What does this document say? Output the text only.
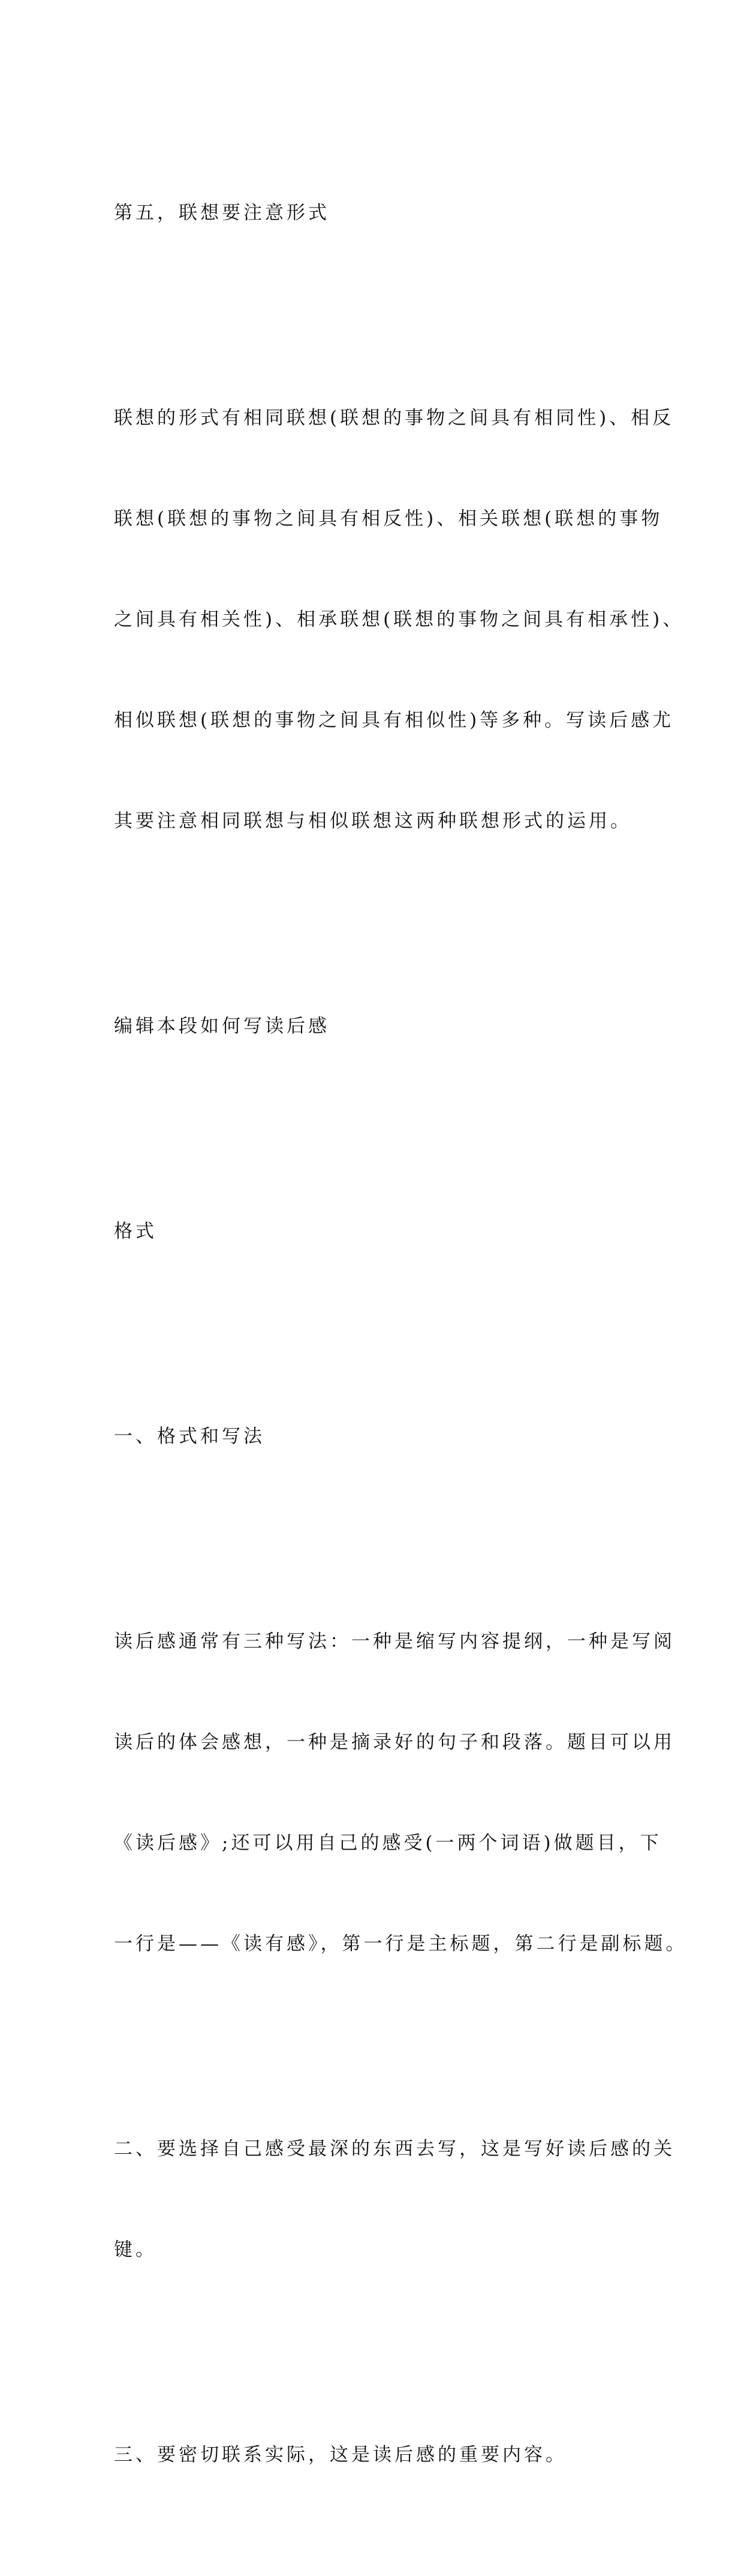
第五，联想要注意形式

联想的形式有相同联想(联想的事物之间具有相同性)、相反

联想(联想的事物之间具有相反性)、相关联想(联想的事物

之间具有相关性)、相承联想(联想的事物之间具有相承性)、

相似联想(联想的事物之间具有相似性)等多种。写读后感尤

其要注意相同联想与相似联想这两种联想形式的运用。

编辑本段如何写读后感

格式

一、格式和写法

读后感通常有三种写法：一种是缩写内容提纲，一种是写阅

读后的体会感想，一种是摘录好的句子和段落。题目可以用

《读后感》;还可以用自己的感受(一两个词语)做题目，下

一行是——《读有感》，第一行是主标题，第二行是副标题。

二、要选择自己感受最深的东西去写，这是写好读后感的关

键。

三、要密切联系实际，这是读后感的重要内容。
